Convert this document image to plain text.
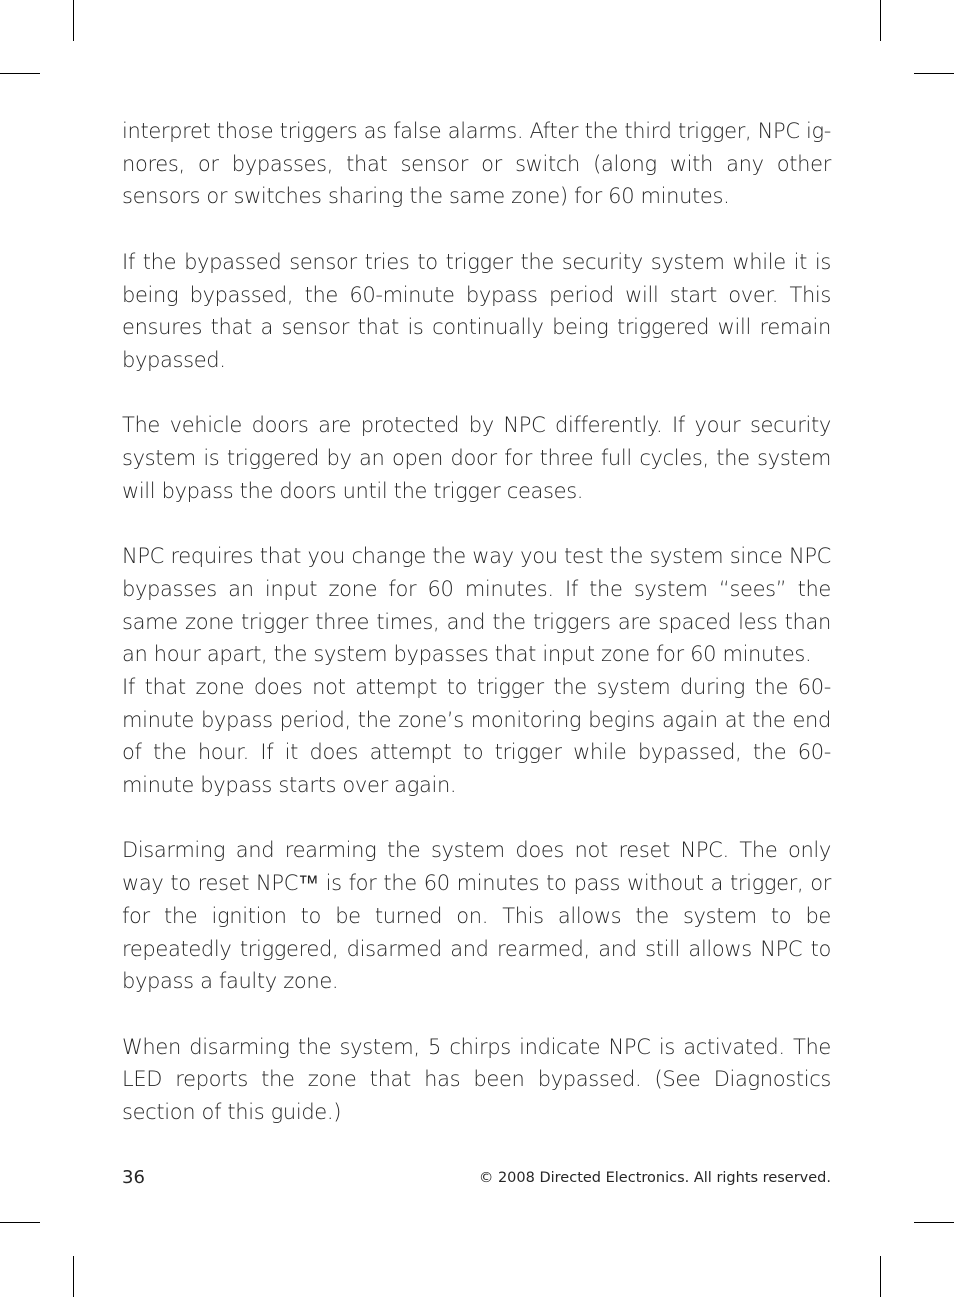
interpret those triggers as false alarms. After the third trigger, NPC ig-nores, or bypasses, that sensor or switch (along with any other sensors or switches sharing the same zone) for 60 minutes.

If the bypassed sensor tries to trigger the security system while it is being bypassed, the 60-minute bypass period will start over. This ensures that a sensor that is continually being triggered will remain bypassed.

The vehicle doors are protected by NPC differently. If your security system is triggered by an open door for three full cycles, the system will bypass the doors until the trigger ceases.

NPC requires that you change the way you test the system since NPC bypasses an input zone for 60 minutes. If the system “sees” the same zone trigger three times, and the triggers are spaced less than an hour apart, the system bypasses that input zone for 60 minutes.

If that zone does not attempt to trigger the system during the 60-minute bypass period, the zone’s monitoring begins again at the end of the hour. If it does attempt to trigger while bypassed, the 60-minute bypass starts over again.

Disarming and rearming the system does not reset NPC. The only way to reset NPC™ is for the 60 minutes to pass without a trigger, or for the ignition to be turned on. This allows the system to be repeatedly triggered, disarmed and rearmed, and still allows NPC to bypass a faulty zone.

When disarming the system, 5 chirps indicate NPC is activated. The LED reports the zone that has been bypassed. (See Diagnostics section of this guide.)

36	© 2008 Directed Electronics. All rights reserved.
